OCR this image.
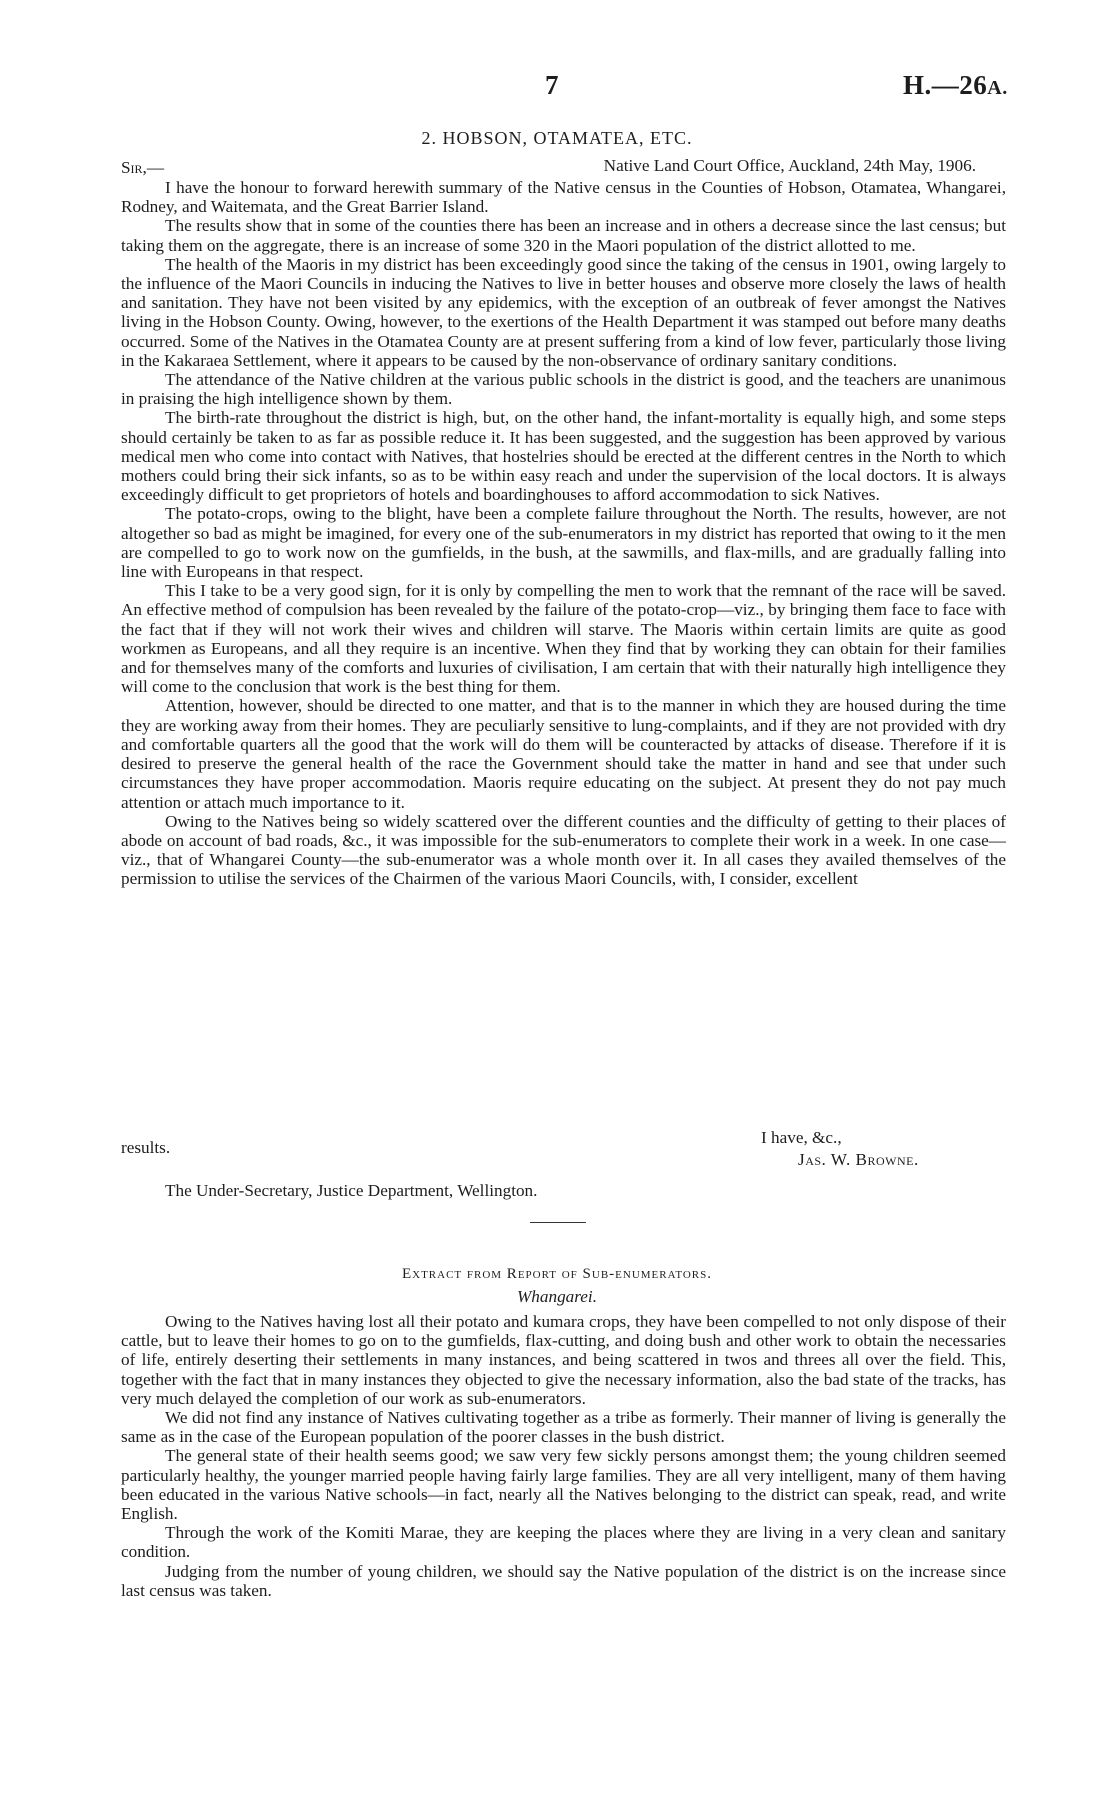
7	H.—26A.
2. HOBSON, OTAMATEA, ETC.
Sir,—	Native Land Court Office, Auckland, 24th May, 1906.

I have the honour to forward herewith summary of the Native census in the Counties of Hobson, Otamatea, Whangarei, Rodney, and Waitemata, and the Great Barrier Island.

The results show that in some of the counties there has been an increase and in others a decrease since the last census; but taking them on the aggregate, there is an increase of some 320 in the Maori population of the district allotted to me.

The health of the Maoris in my district has been exceedingly good since the taking of the census in 1901, owing largely to the influence of the Maori Councils in inducing the Natives to live in better houses and observe more closely the laws of health and sanitation. They have not been visited by any epidemics, with the exception of an outbreak of fever amongst the Natives living in the Hobson County. Owing, however, to the exertions of the Health Department it was stamped out before many deaths occurred. Some of the Natives in the Otamatea County are at present suffering from a kind of low fever, particularly those living in the Kakaraea Settlement, where it appears to be caused by the non-observance of ordinary sanitary conditions.

The attendance of the Native children at the various public schools in the district is good, and the teachers are unanimous in praising the high intelligence shown by them.

The birth-rate throughout the district is high, but, on the other hand, the infant-mortality is equally high, and some steps should certainly be taken to as far as possible reduce it. It has been suggested, and the suggestion has been approved by various medical men who come into contact with Natives, that hostelries should be erected at the different centres in the North to which mothers could bring their sick infants, so as to be within easy reach and under the supervision of the local doctors. It is always exceedingly difficult to get proprietors of hotels and boardinghouses to afford accommodation to sick Natives.

The potato-crops, owing to the blight, have been a complete failure throughout the North. The results, however, are not altogether so bad as might be imagined, for every one of the sub-enumerators in my district has reported that owing to it the men are compelled to go to work now on the gumfields, in the bush, at the sawmills, and flax-mills, and are gradually falling into line with Europeans in that respect.

This I take to be a very good sign, for it is only by compelling the men to work that the remnant of the race will be saved. An effective method of compulsion has been revealed by the failure of the potato-crop—viz., by bringing them face to face with the fact that if they will not work their wives and children will starve. The Maoris within certain limits are quite as good workmen as Europeans, and all they require is an incentive. When they find that by working they can obtain for their families and for themselves many of the comforts and luxuries of civilisation, I am certain that with their naturally high intelligence they will come to the conclusion that work is the best thing for them.

Attention, however, should be directed to one matter, and that is to the manner in which they are housed during the time they are working away from their homes. They are peculiarly sensitive to lung-complaints, and if they are not provided with dry and comfortable quarters all the good that the work will do them will be counteracted by attacks of disease. Therefore if it is desired to preserve the general health of the race the Government should take the matter in hand and see that under such circumstances they have proper accommodation. Maoris require educating on the subject. At present they do not pay much attention or attach much importance to it.

Owing to the Natives being so widely scattered over the different counties and the difficulty of getting to their places of abode on account of bad roads, &c., it was impossible for the sub-enumerators to complete their work in a week. In one case—viz., that of Whangarei County—the sub-enumerator was a whole month over it. In all cases they availed themselves of the permission to utilise the services of the Chairmen of the various Maori Councils, with, I consider, excellent

results.
I have, &c.,
Jas. W. Browne.
The Under-Secretary, Justice Department, Wellington.
Extract from Report of Sub-enumerators.
Whangarei.

Owing to the Natives having lost all their potato and kumara crops, they have been compelled to not only dispose of their cattle, but to leave their homes to go on to the gumfields, flax-cutting, and doing bush and other work to obtain the necessaries of life, entirely deserting their settlements in many instances, and being scattered in twos and threes all over the field. This, together with the fact that in many instances they objected to give the necessary information, also the bad state of the tracks, has very much delayed the completion of our work as sub-enumerators.

We did not find any instance of Natives cultivating together as a tribe as formerly. Their manner of living is generally the same as in the case of the European population of the poorer classes in the bush district.

The general state of their health seems good; we saw very few sickly persons amongst them; the young children seemed particularly healthy, the younger married people having fairly large families. They are all very intelligent, many of them having been educated in the various Native schools—in fact, nearly all the Natives belonging to the district can speak, read, and write English.

Through the work of the Komiti Marae, they are keeping the places where they are living in a very clean and sanitary condition.

Judging from the number of young children, we should say the Native population of the district is on the increase since last census was taken.
